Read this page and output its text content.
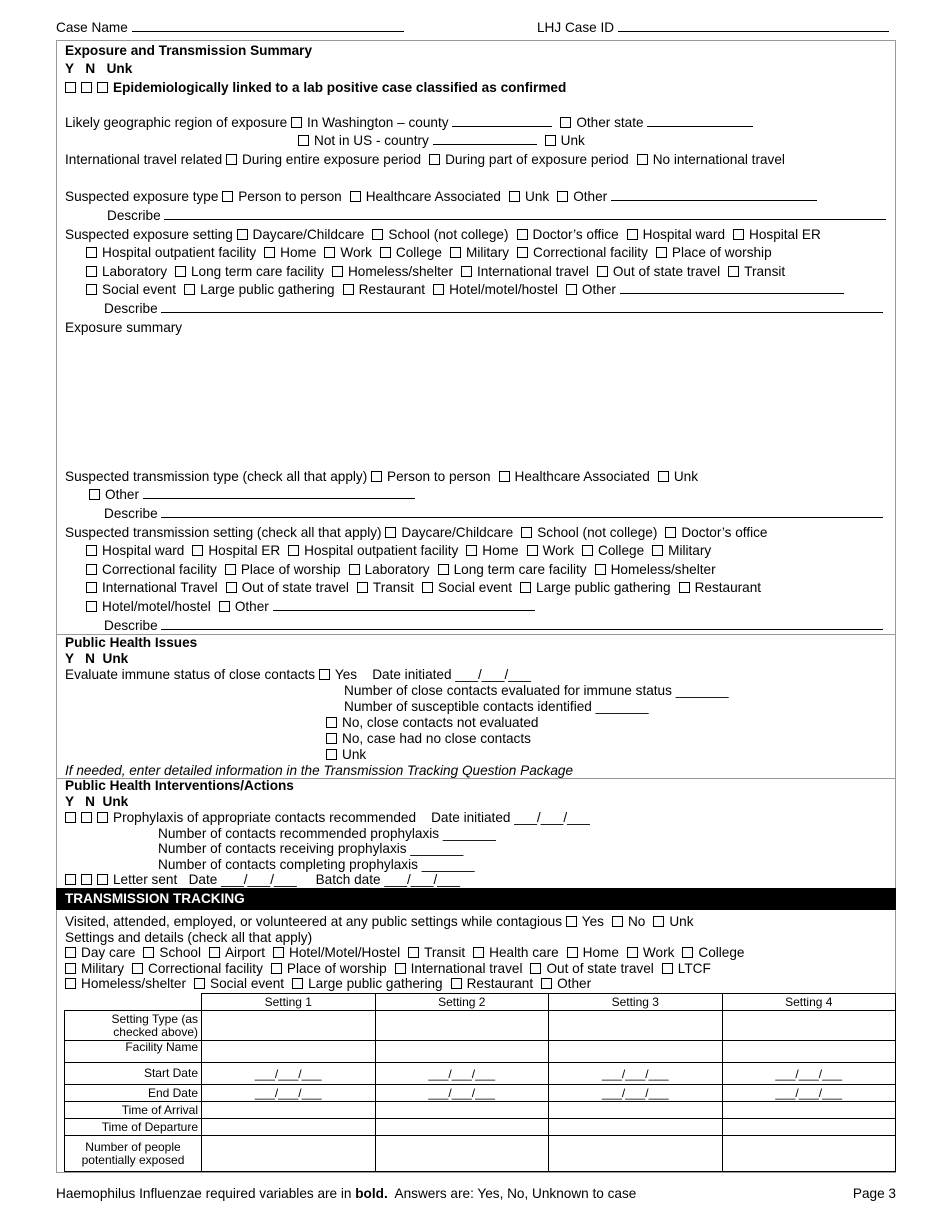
Case Name	LHJ Case ID
Exposure and Transmission Summary
Y N Unk
Epidemiologically linked to a lab positive case classified as confirmed
Likely geographic region of exposure In Washington – county	Other state
Not in US - country	Unk
International travel related During entire exposure period During part of exposure period No international travel
Suspected exposure type Person to person Healthcare Associated Unk Other
Describe
Suspected exposure setting Daycare/Childcare School (not college) Doctor’s office Hospital ward Hospital ER
Hospital outpatient facility Home Work College Military Correctional facility Place of worship
Laboratory Long term care facility Homeless/shelter International travel Out of state travel Transit
Social event Large public gathering Restaurant Hotel/motel/hostel Other
Describe
Exposure summary
Suspected transmission type (check all that apply) Person to person Healthcare Associated Unk
Other
Describe
Suspected transmission setting (check all that apply) Daycare/Childcare School (not college) Doctor’s office
Hospital ward Hospital ER Hospital outpatient facility Home Work College Military
Correctional facility Place of worship Laboratory Long term care facility Homeless/shelter
International Travel Out of state travel Transit Social event Large public gathering Restaurant
Hotel/motel/hostel Other
Describe
Public Health Issues
Y   N  Unk
Evaluate immune status of close contacts Yes Date initiated ___/___/___
Number of close contacts evaluated for immune status _______
Number of susceptible contacts identified _______
No, close contacts not evaluated
No, case had no close contacts
Unk
If needed, enter detailed information in the Transmission Tracking Question Package
Public Health Interventions/Actions
Y   N  Unk
Prophylaxis of appropriate contacts recommended Date initiated ___/___/___
Number of contacts recommended prophylaxis _______
Number of contacts receiving prophylaxis _______
Number of contacts completing prophylaxis _______
Letter sent Date ___/___/___ Batch date ___/___/___
TRANSMISSION TRACKING
Visited, attended, employed, or volunteered at any public settings while contagious Yes No Unk
Settings and details (check all that apply)
Day care School Airport Hotel/Motel/Hostel Transit Health care Home Work College
Military Correctional facility Place of worship International travel Out of state travel LTCF
Homeless/shelter Social event Large public gathering Restaurant Other
	Setting 1	Setting 2	Setting 3	Setting 4
Setting Type (as checked above)				
Facility Name				
Start Date	___/___/___	___/___/___	___/___/___	___/___/___
End Date	___/___/___	___/___/___	___/___/___	___/___/___
Time of Arrival				
Time of Departure				
Number of people potentially exposed				
Haemophilus Influenzae required variables are in bold. Answers are: Yes, No, Unknown to case	Page 3
